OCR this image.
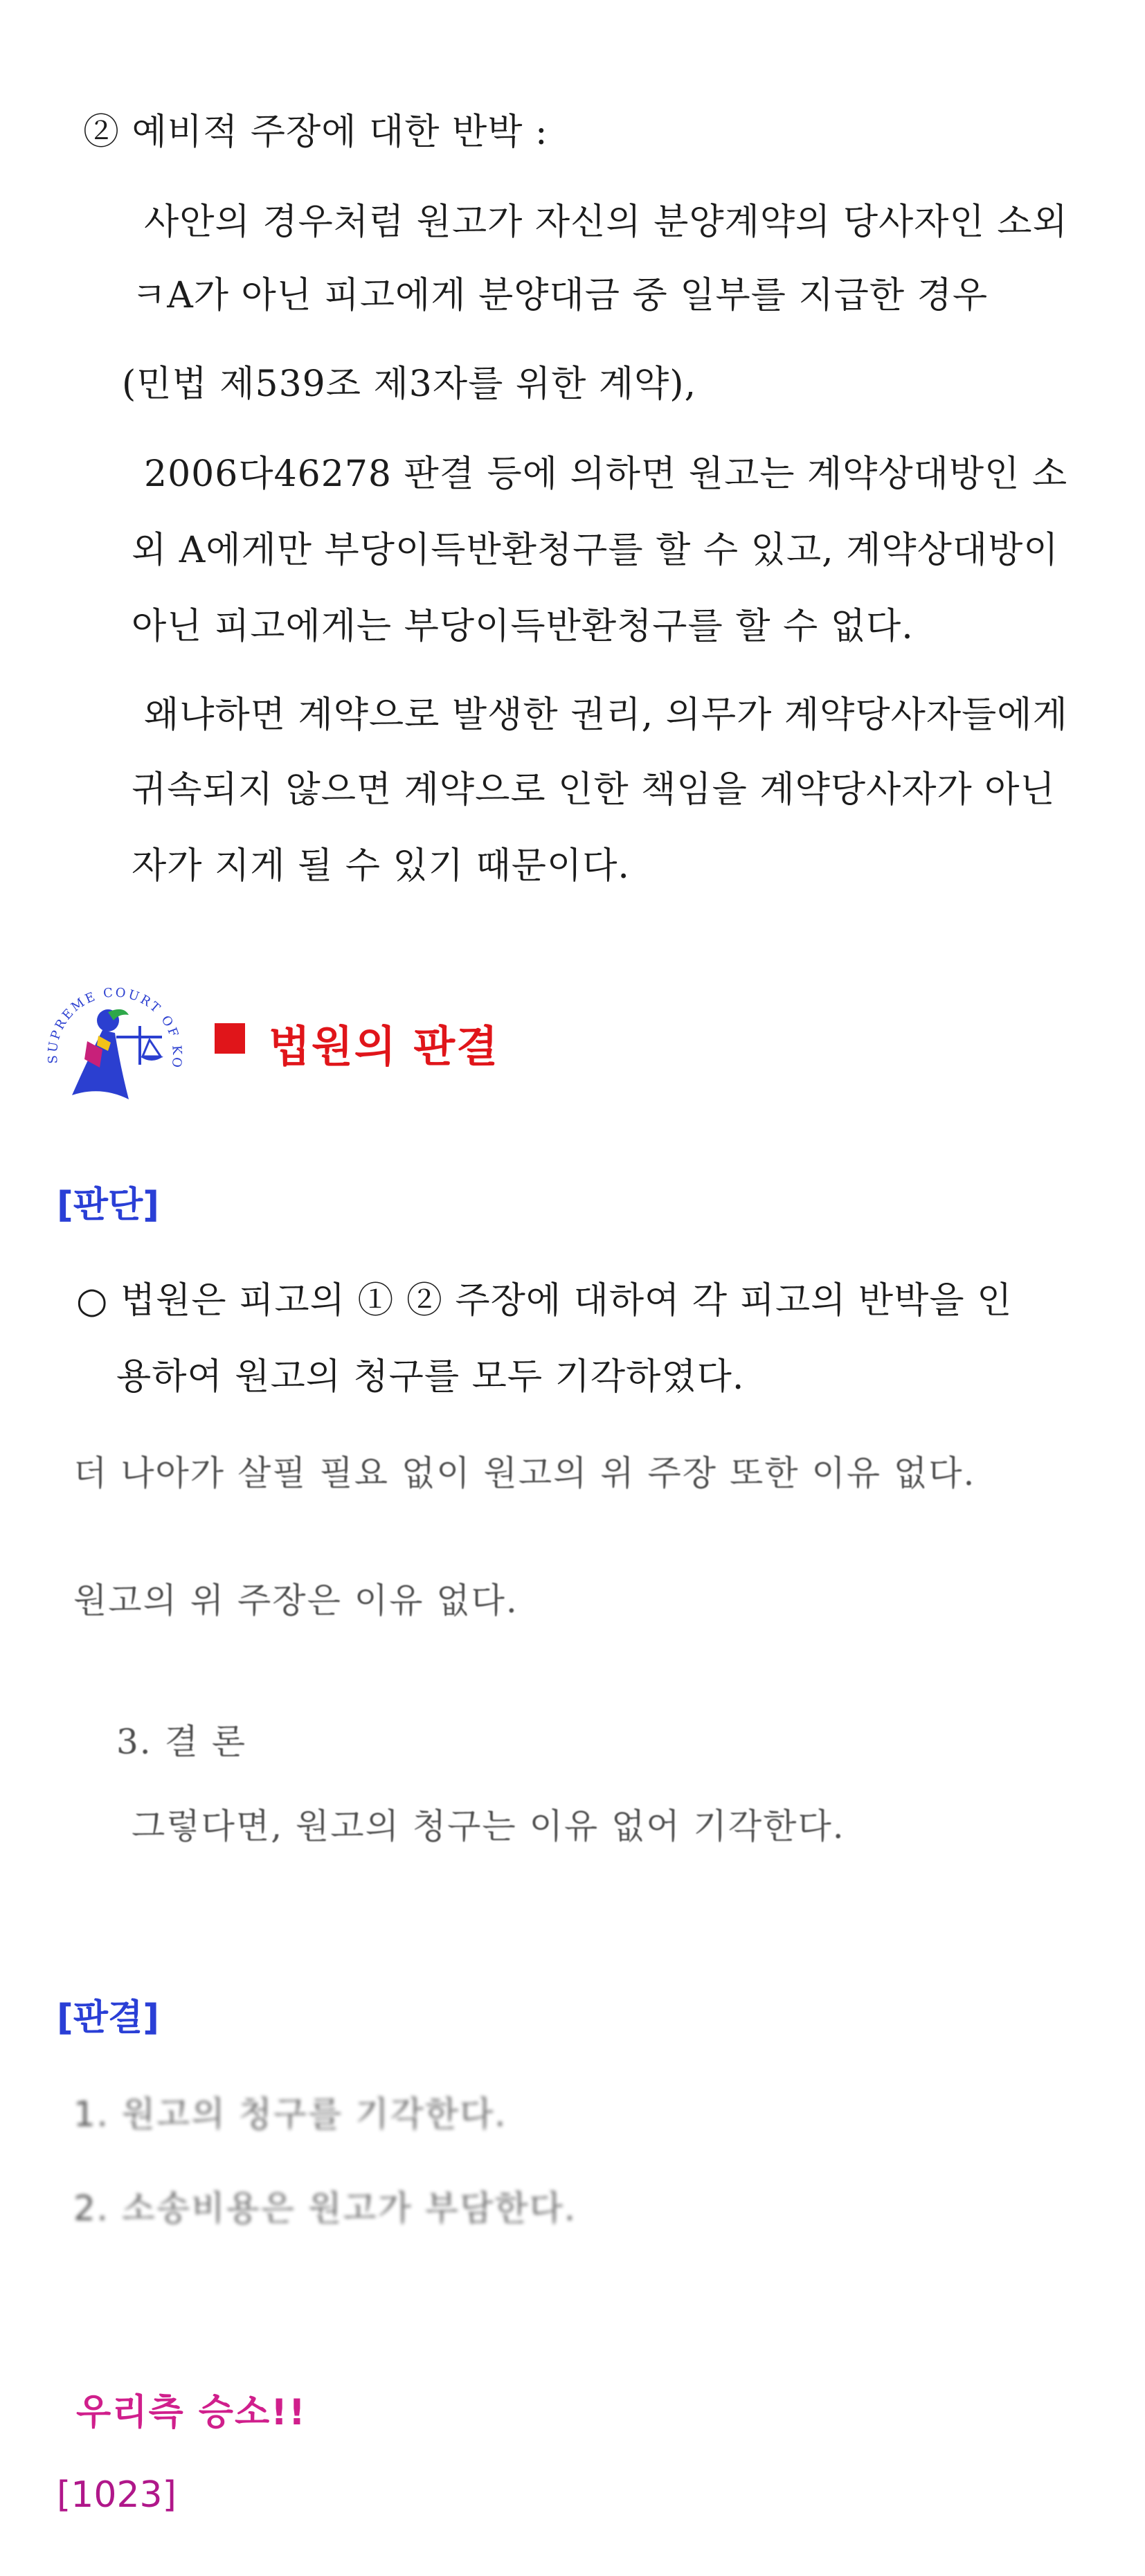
② 예비적 주장에 대한 반박 :
사안의 경우처럼 원고가 자신의 분양계약의 당사자인 소외
ㅋA가 아닌 피고에게 분양대금 중 일부를 지급한 경우
(민법 제539조 제3자를 위한 계약),
2006다46278 판결 등에 의하면 원고는 계약상대방인 소
외 A에게만 부당이득반환청구를 할 수 있고, 계약상대방이
아닌 피고에게는 부당이득반환청구를 할 수 없다.
왜냐하면 계약으로 발생한 권리, 의무가 계약당사자들에게
귀속되지 않으면 계약으로 인한 책임을 계약당사자가 아닌
자가 지게 될 수 있기 때문이다.
SUPREME COURT OF KO 법원의 판결
[판단]
○ 법원은 피고의 ① ② 주장에 대하여 각 피고의 반박을 인
용하여 원고의 청구를 모두 기각하였다.
더 나아가 살필 필요 없이 원고의 위 주장 또한 이유 없다.
원고의 위 주장은 이유 없다.
3. 결 론
그렇다면, 원고의 청구는 이유 없어 기각한다.
[판결]
1. 원고의 청구를 기각한다.
2. 소송비용은 원고가 부담한다.
우리측 승소!!
[1023]
